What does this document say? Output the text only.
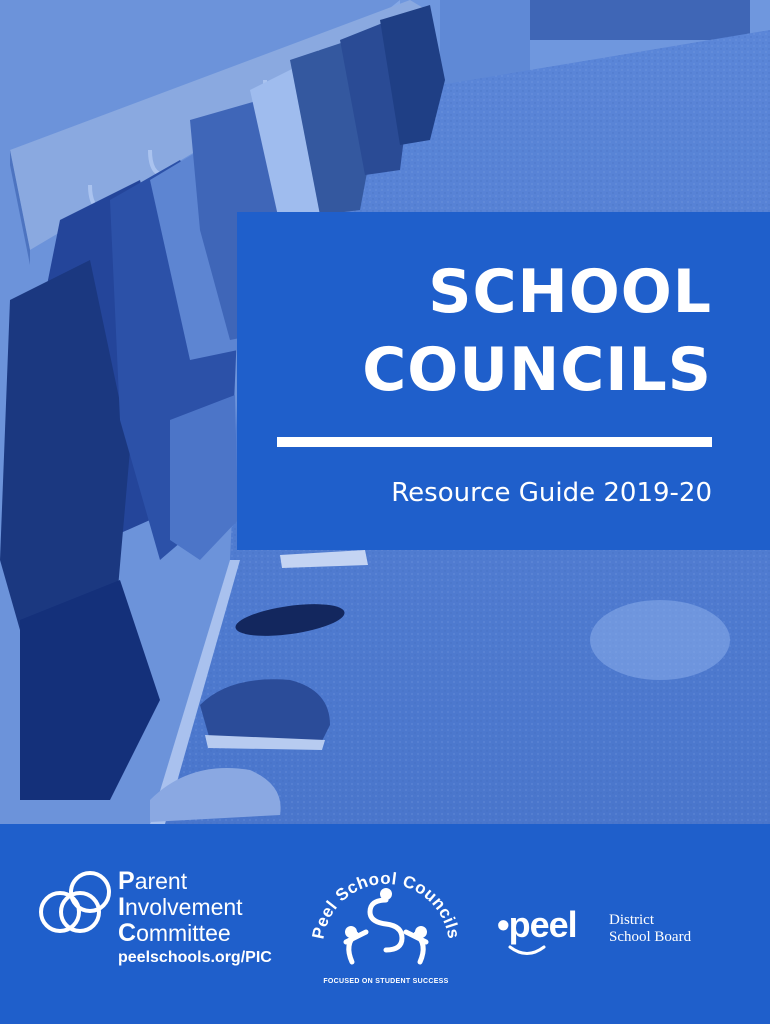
SCHOOL
COUNCILS
Resource Guide 2019-20
Parent
Involvement
Committee
peelschools.org/PIC
Peel School Councils
FOCUSED ON STUDENT SUCCESS
•peel District
School Board
